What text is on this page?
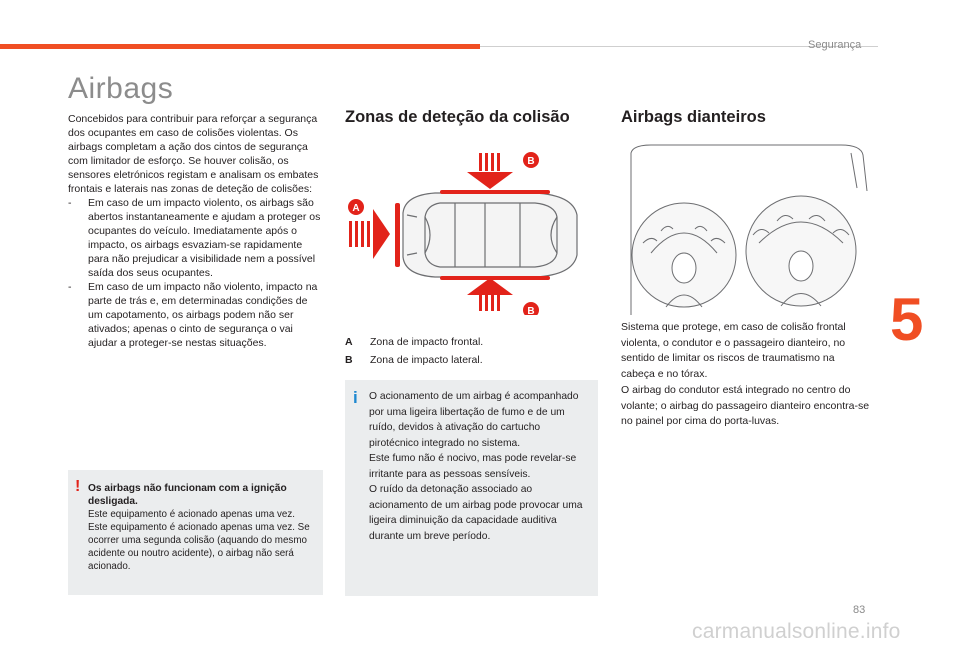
Segurança
5
Airbags

Concebidos para contribuir para reforçar a segurança dos ocupantes em caso de colisões violentas. Os airbags completam a ação dos cintos de segurança com limitador de esforço. Se houver colisão, os sensores eletrónicos registam e analisam os embates frontais e laterais nas zonas de deteção de colisões:

- Em caso de um impacto violento, os airbags são abertos instantaneamente e ajudam a proteger os ocupantes do veículo. Imediatamente após o impacto, os airbags esvaziam-se rapidamente para não prejudicar a visibilidade nem a possível saída dos seus ocupantes.

- Em caso de um impacto não violento, impacto na parte de trás e, em determinadas condições de um capotamento, os airbags podem não ser ativados; apenas o cinto de segurança o vai ajudar a proteger-se nestas situações.

! Os airbags não funcionam com a ignição desligada.
Este equipamento é acionado apenas uma vez. Este equipamento é acionado apenas uma vez. Se ocorrer uma segunda colisão (aquando do mesmo acidente ou noutro acidente), o airbag não será acionado.
Zonas de deteção da colisão
B
B
A
A	Zona de impacto frontal.
B	Zona de impacto lateral.
i O acionamento de um airbag é acompanhado por uma ligeira libertação de fumo e de um ruído, devidos à ativação do cartucho pirotécnico integrado no sistema.
Este fumo não é nocivo, mas pode revelar-se irritante para as pessoas sensíveis.
O ruído da detonação associado ao acionamento de um airbag pode provocar uma ligeira diminuição da capacidade auditiva durante um breve período.
Airbags dianteiros
Sistema que protege, em caso de colisão frontal violenta, o condutor e o passageiro dianteiro, no sentido de limitar os riscos de traumatismo na cabeça e no tórax.
O airbag do condutor está integrado no centro do volante; o airbag do passageiro dianteiro encontra-se no painel por cima do porta-luvas.
83
carmanualsonline.info
